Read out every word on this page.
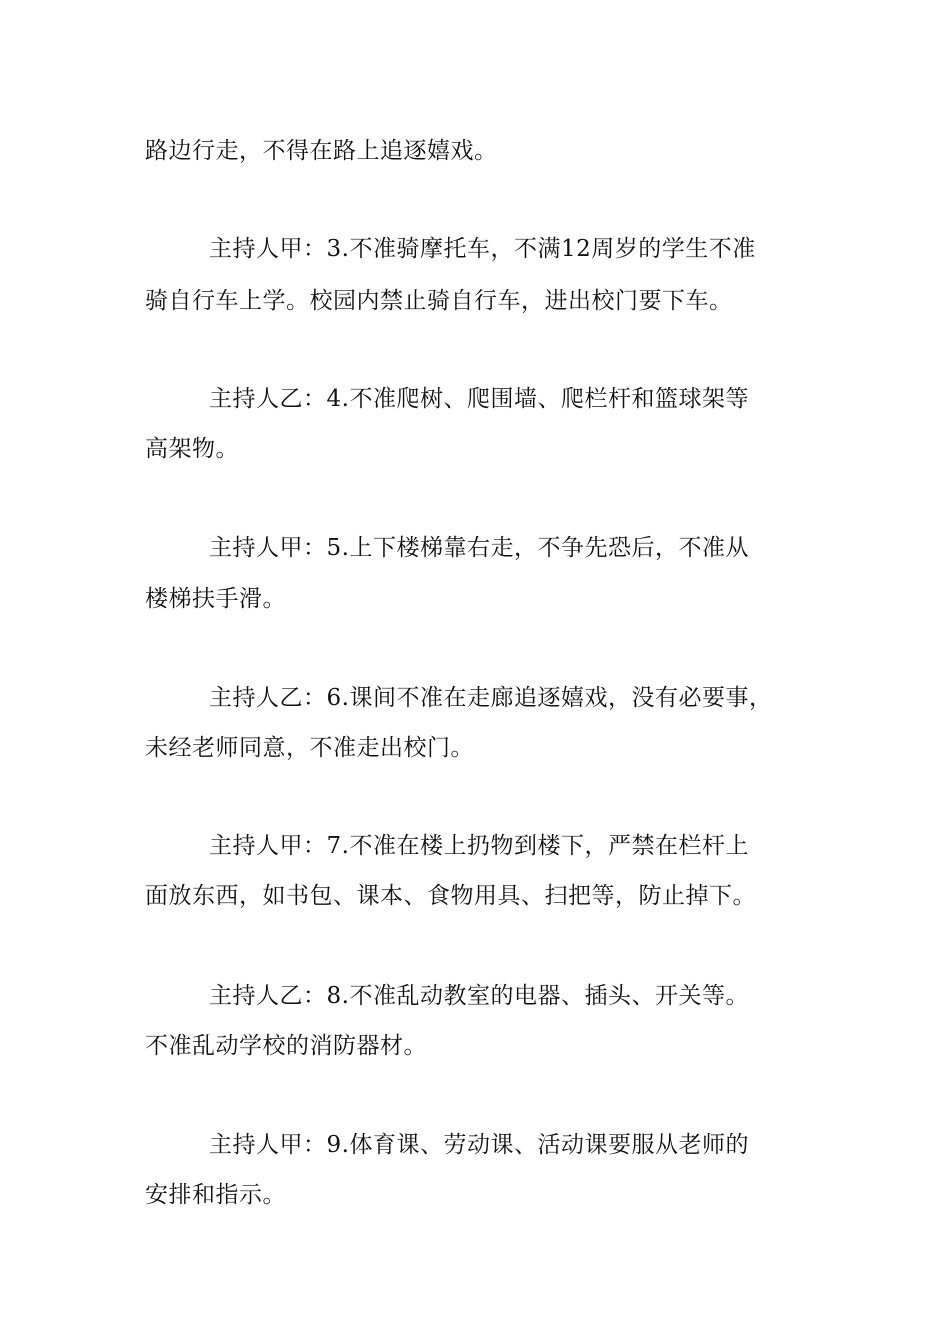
路边行走，不得在路上追逐嬉戏。
主持人甲：3.不准骑摩托车，不满12周岁的学生不准
骑自行车上学。校园内禁止骑自行车，进出校门要下车。
主持人乙：4.不准爬树、爬围墙、爬栏杆和篮球架等
高架物。
主持人甲：5.上下楼梯靠右走，不争先恐后，不准从
楼梯扶手滑。
主持人乙：6.课间不准在走廊追逐嬉戏，没有必要事，
未经老师同意，不准走出校门。
主持人甲：7.不准在楼上扔物到楼下，严禁在栏杆上
面放东西，如书包、课本、食物用具、扫把等，防止掉下。
主持人乙：8.不准乱动教室的电器、插头、开关等。
不准乱动学校的消防器材。
主持人甲：9.体育课、劳动课、活动课要服从老师的
安排和指示。
